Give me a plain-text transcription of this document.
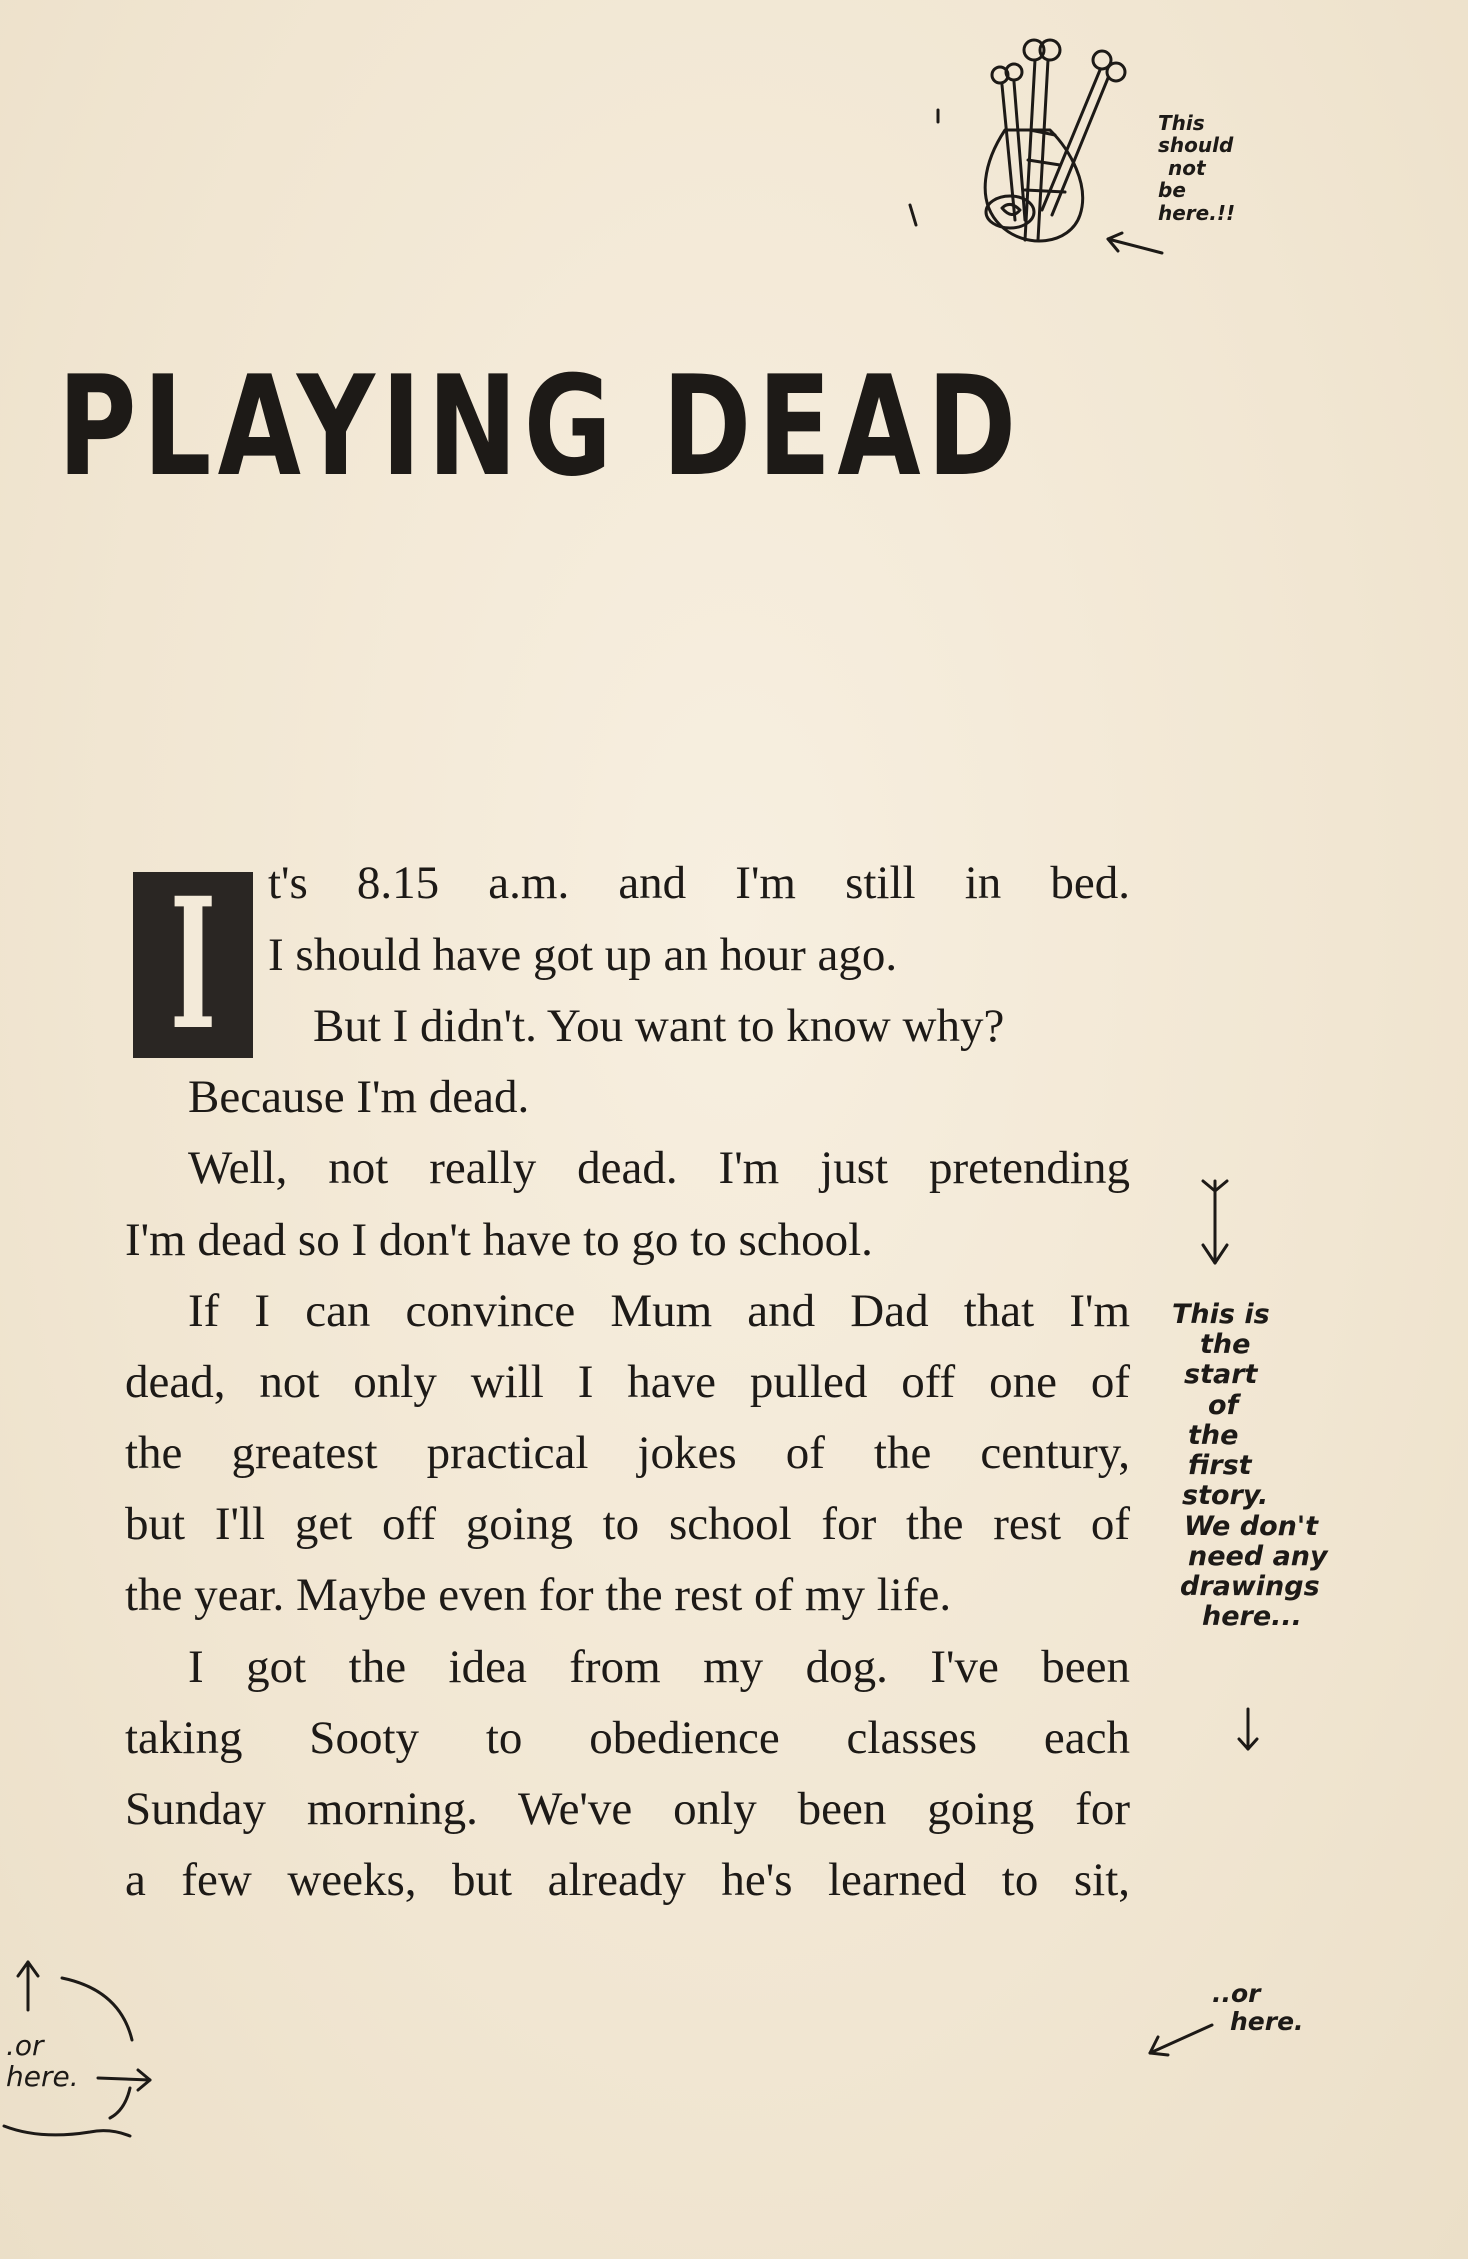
This
should
not
be
here.!!
PLAYING DEAD
I t's 8.15 a.m. and I'm still in bed.
I should have got up an hour ago.
But I didn't. You want to know why?
Because I'm dead.
Well, not really dead. I'm just pretending
I'm dead so I don't have to go to school.
If I can convince Mum and Dad that I'm
dead, not only will I have pulled off one of
the greatest practical jokes of the century,
but I'll get off going to school for the rest of
the year. Maybe even for the rest of my life.
I got the idea from my dog. I've been
taking Sooty to obedience classes each
Sunday morning. We've only been going for
a few weeks, but already he's learned to sit,
This is
the
start
of
the
first
story.
We don't
need any
drawings
here...
..or
here.
.or
here.
